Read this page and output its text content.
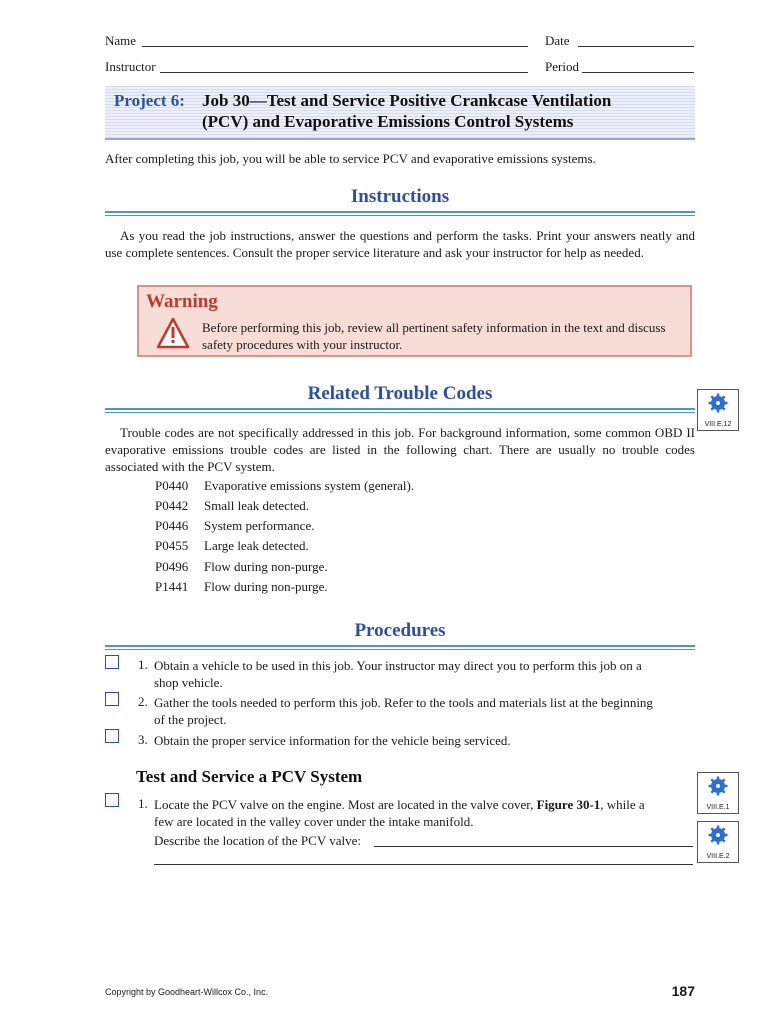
Name	Date
Instructor	Period
Project 6: Job 30—Test and Service Positive Crankcase Ventilation
(PCV) and Evaporative Emissions Control Systems
After completing this job, you will be able to service PCV and evaporative emissions systems.
Instructions
As you read the job instructions, answer the questions and perform the tasks. Print your answers neatly and use complete sentences. Consult the proper service literature and ask your instructor for help as needed.
Warning
Before performing this job, review all pertinent safety information in the text and discuss safety procedures with your instructor.
Related Trouble Codes
VIII.E.12
Trouble codes are not specifically addressed in this job. For background information, some common OBD II evaporative emissions trouble codes are listed in the following chart. There are usually no trouble codes associated with the PCV system.
P0440 Evaporative emissions system (general).
P0442 Small leak detected.
P0446 System performance.
P0455 Large leak detected.
P0496 Flow during non-purge.
P1441 Flow during non-purge.
Procedures
1. Obtain a vehicle to be used in this job. Your instructor may direct you to perform this job on a
shop vehicle.
2. Gather the tools needed to perform this job. Refer to the tools and materials list at the beginning
of the project.
3. Obtain the proper service information for the vehicle being serviced.
Test and Service a PCV System
VIII.E.1
VIII.E.2
1. Locate the PCV valve on the engine. Most are located in the valve cover, Figure 30-1, while a
few are located in the valley cover under the intake manifold.
Describe the location of the PCV valve:
Copyright by Goodheart-Willcox Co., Inc.	187
